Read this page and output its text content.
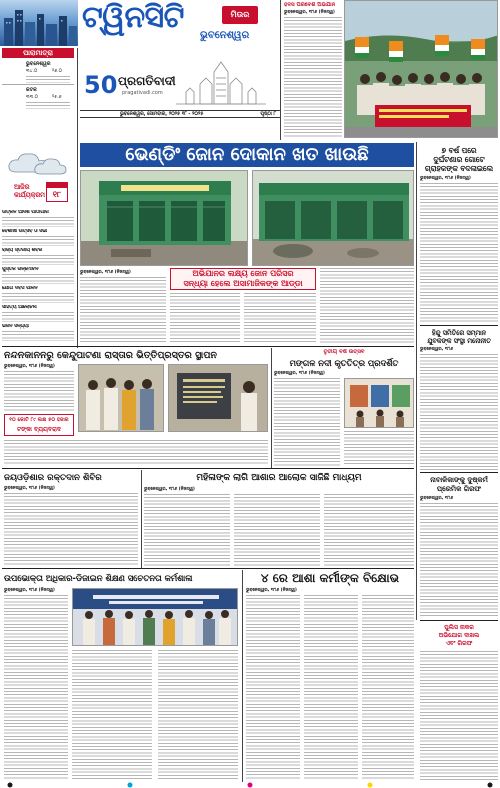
ଟ୍ୱିନସିଟି	ମିଉର
ଭୁବନେଶ୍ୱର
50 ପ୍ରଗତିବାଦୀ
pragativadi.com
ଭୁବନେଶ୍ୱର, ସୋମବାର, ୨୦୨୫ ୧୮ - ୨୦୨୫	ପୃଷ୍ଠା ୮
ପାରାମାତ୍ରା
ଭୁବନେଶ୍ୱର
୩୪.୦	୨୬.୦
କଟକ
୩୩.୦	୨୫.୬
ଆଜିର କାର୍ଯ୍ୟକ୍ରମ ୧୮
ଉତ୍କଳ ଆଦର୍ଶ ପାଠାଗାର
ବୈଶାଖୀ ଉତ୍ସବ ଓ ସଭା
ରାଜ୍ୟ ସ୍ତରୀୟ ଶିବିର
ପୁସ୍ତକ ଉନ୍ମୋଚନ
ଯୋଗ ଦିବସ ପାଳନ
ସାହିତ୍ୟ ଆଲୋଚନା
ଭଜନ ସନ୍ଧ୍ୟା
ହଦସ ପରିବେଶ ଅଭିଯାନ
ଭୁବନେଶ୍ୱର, ୧୮ା୬ (ନିଜସ୍ୱ)
ଭେଣ୍ଡିଂ ଜୋନ ଦୋକାନ ଖତ ଖାଉଛି
ଅଭିଯାନର ଲକ୍ଷ୍ୟ ଜୋନ ପରିସର
ସନ୍ଧ୍ୟା ହେଲେ ଅସାମାଜିକଙ୍କ ଆଡ୍ଡା
ଭୁବନେଶ୍ୱର, ୧୮ା୬ (ନିଜସ୍ୱ)
୭ ବର୍ଷ ପରେ
ଦୁର୍ଘଟଣାର ଗୋଟେ
ଗ୍ରାହକଙ୍କ ବଦଳାଇଲେ
ଭୁବନେଶ୍ୱର, ୧୮ା୬ (ନିଜସ୍ୱ)
ହିନ୍ଦୁ ସମିତିରେ ସମ୍ମାନ
ଯୁବକଙ୍କ ସଂସ୍ଥା ମନୋନୀତ
ଭୁବନେଶ୍ୱର, ୧୮ା୬
ନାବାଳିକାଙ୍କୁ ଦୁଷ୍କର୍ମ
ପ୍ରେମିକ ଗିରଫ
ଭୁବନେଶ୍ୱର, ୧୮ା୬
ନନ୍ଦନକାନନରୁ କେନ୍ଦୁପାଟଣା ରାସ୍ତାର ଭିତ୍ତିପ୍ରସ୍ତର ସ୍ଥାପନ
ଭୁବନେଶ୍ୱର, ୧୮ା୬ (ନିଜସ୍ୱ)
୧୦ କୋଟି ୮୯ ଲକ୍ଷ ୫୦ ହଜାର
ଟଙ୍କା ବ୍ୟୟବରାଦ
ତୃତୀୟ ବର୍ଷ ଉତ୍ସବ
ମଙ୍ଗଳ ନଦୀ କୃତତିତ୍ର ପ୍ରଦର୍ଶିତ
ଭୁବନେଶ୍ୱର, ୧୮ା୬ (ନିଜସ୍ୱ)
ଜୟଓଡ଼ିଶାର ରକ୍ତଦାନ ଶିବିର
ଭୁବନେଶ୍ୱର, ୧୮ା୬ (ନିଜସ୍ୱ)
ମହିଳାଙ୍କ ଲାଗି ଆଶାର ଆଲୋକ ସାଜିଛି ମାଧ୍ୟମ
ଭୁବନେଶ୍ୱର, ୧୮ା୬ (ନିଜସ୍ୱ)
ଉପଭୋକ୍ତା ଅଧିକାର-ଡିଜାଇନ ଶିକ୍ଷଣ ସଚେତନତା କର୍ମଶାଳା	୪ ରେ ଆଶା କର୍ମୀଙ୍କ ବିକ୍ଷୋଭ
ଭୁବନେଶ୍ୱର, ୧୮ା୬ (ନିଜସ୍ୱ)	ଭୁବନେଶ୍ୱର, ୧୮ା୬ (ନିଜସ୍ୱ)
ପୁଲିସ ନାକର
ଅଭିଯୋଗ ଦାଖଲ
ଏବଂ ଗିରଫ
